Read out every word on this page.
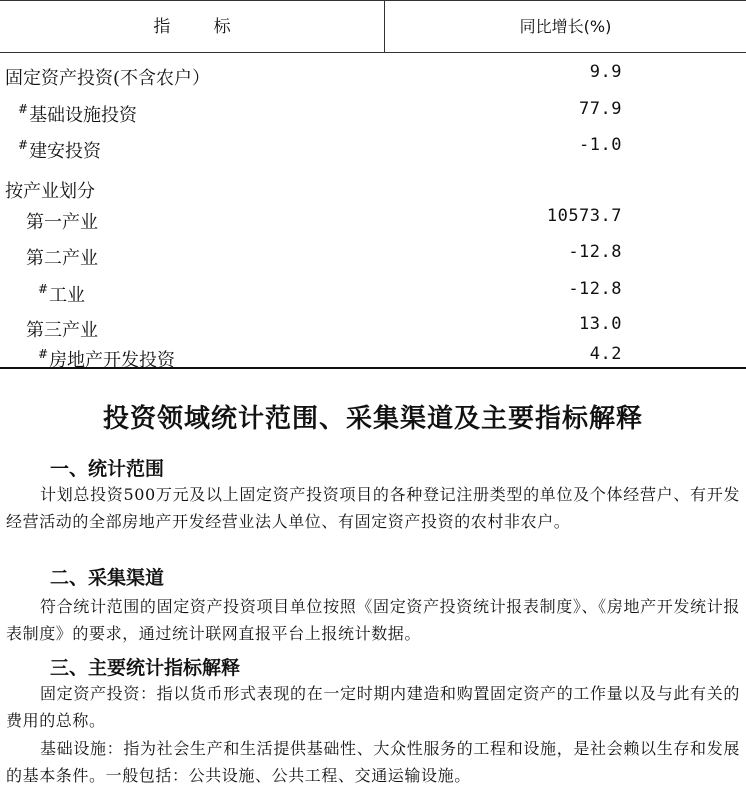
指        标	同比增长(%)
固定资产投资(不含农户）	9.9
#基础设施投资	77.9
#建安投资	-1.0
按产业划分
第一产业	10573.7
第二产业	-12.8
#工业	-12.8
第三产业	13.0
#房地产开发投资	4.2
投资领域统计范围、采集渠道及主要指标解释
一、统计范围
计划总投资500万元及以上固定资产投资项目的各种登记注册类型的单位及个体经营户、有开发经营活动的全部房地产开发经营业法人单位、有固定资产投资的农村非农户。
二、采集渠道
符合统计范围的固定资产投资项目单位按照《固定资产投资统计报表制度》、《房地产开发统计报表制度》的要求，通过统计联网直报平台上报统计数据。
三、主要统计指标解释
固定资产投资：指以货币形式表现的在一定时期内建造和购置固定资产的工作量以及与此有关的费用的总称。
基础设施：指为社会生产和生活提供基础性、大众性服务的工程和设施，是社会赖以生存和发展的基本条件。一般包括：公共设施、公共工程、交通运输设施。
